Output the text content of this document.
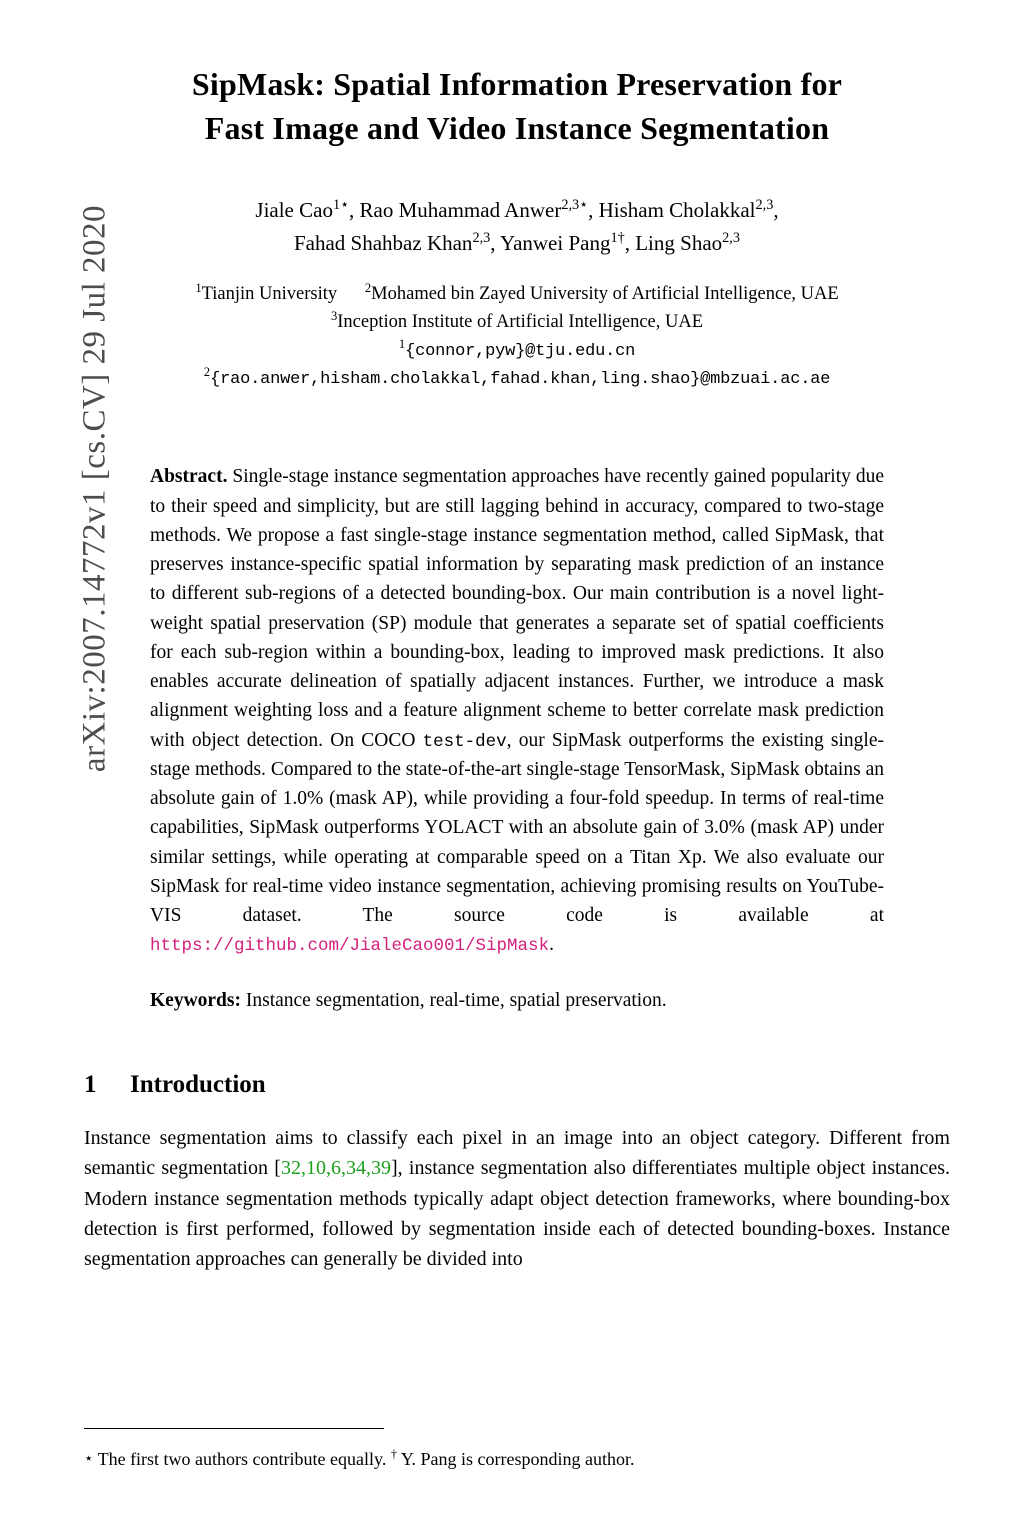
arXiv:2007.14772v1 [cs.CV] 29 Jul 2020
SipMask: Spatial Information Preservation for
Fast Image and Video Instance Segmentation
Jiale Cao$^{1⋆}$, Rao Muhammad Anwer$^{2,3⋆}$, Hisham Cholakkal$^{2,3}$,
Fahad Shahbaz Khan$^{2,3}$, Yanwei Pang$^{1\dagger}$, Ling Shao$^{2,3}$
$^1$Tianjin University $^2$Mohamed bin Zayed University of Artificial Intelligence, UAE
$^3$Inception Institute of Artificial Intelligence, UAE
$^1${connor,pyw}@tju.edu.cn
$^2${rao.anwer,hisham.cholakkal,fahad.khan,ling.shao}@mbzuai.ac.ae
Abstract. Single-stage instance segmentation approaches have recently gained popularity due to their speed and simplicity, but are still lagging behind in accuracy, compared to two-stage methods. We propose a fast single-stage instance segmentation method, called SipMask, that preserves instance-specific spatial information by separating mask prediction of an instance to different sub-regions of a detected bounding-box. Our main contribution is a novel light-weight spatial preservation (SP) module that generates a separate set of spatial coefficients for each sub-region within a bounding-box, leading to improved mask predictions. It also enables accurate delineation of spatially adjacent instances. Further, we introduce a mask alignment weighting loss and a feature alignment scheme to better correlate mask prediction with object detection. On COCO test-dev, our SipMask outperforms the existing single-stage methods. Compared to the state-of-the-art single-stage TensorMask, SipMask obtains an absolute gain of 1.0% (mask AP), while providing a four-fold speedup. In terms of real-time capabilities, SipMask outperforms YOLACT with an absolute gain of 3.0% (mask AP) under similar settings, while operating at comparable speed on a Titan Xp. We also evaluate our SipMask for real-time video instance segmentation, achieving promising results on YouTube-VIS dataset. The source code is available at https://github.com/JialeCao001/SipMask.
Keywords: Instance segmentation, real-time, spatial preservation.
1 Introduction
Instance segmentation aims to classify each pixel in an image into an object category. Different from semantic segmentation [32,10,6,34,39], instance segmentation also differentiates multiple object instances. Modern instance segmentation methods typically adapt object detection frameworks, where bounding-box detection is first performed, followed by segmentation inside each of detected bounding-boxes. Instance segmentation approaches can generally be divided into
⋆ The first two authors contribute equally. † Y. Pang is corresponding author.
